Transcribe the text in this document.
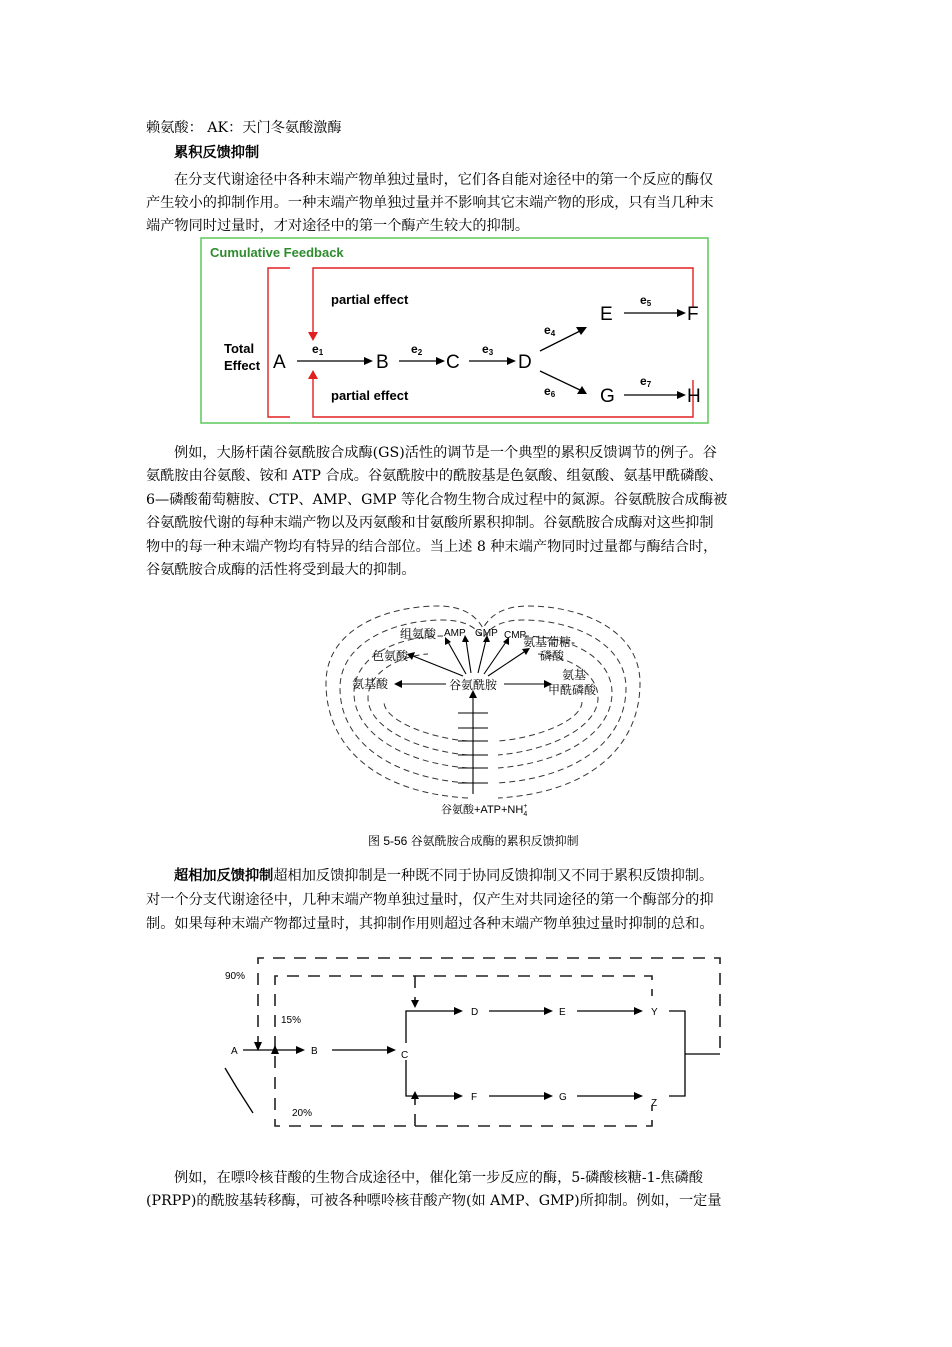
赖氨酸： AK：天门冬氨酸激酶
累积反馈抑制
在分支代谢途径中各种末端产物单独过量时，它们各自能对途径中的第一个反应的酶仅
产生较小的抑制作用。一种末端产物单独过量并不影响其它末端产物的形成，只有当几种末
端产物同时过量时，才对途径中的第一个酶产生较大的抑制。
Cumulative Feedback
partial effect
partial effect
Total
Effect A	B	C	D
E	F
G	H
e1	e2	e3
e4
e5
e6
e7
例如，大肠杆菌谷氨酰胺合成酶(GS)活性的调节是一个典型的累积反馈调节的例子。谷
氨酰胺由谷氨酸、铵和 ATP 合成。谷氨酰胺中的酰胺基是色氨酸、组氨酸、氨基甲酰磷酸、
6—磷酸葡萄糖胺、CTP、AMP、GMP 等化合物生物合成过程中的氮源。谷氨酰胺合成酶被
谷氨酰胺代谢的每种末端产物以及丙氨酸和甘氨酸所累积抑制。谷氨酰胺合成酶对这些抑制
物中的每一种末端产物均有特异的结合部位。当上述 8 种末端产物同时过量都与酶结合时，
谷氨酰胺合成酶的活性将受到最大的抑制。
组氨酸 AMP GMP CMP
氨基葡糖-
磷酸
色氨酸
氨基酸	谷氨酰胺
氨基
甲酰磷酸
谷氨酸$+ATP+NH_4+$
图 5-56 谷氨酰胺合成酶的累积反馈抑制
超相加反馈抑制超相加反馈抑制是一种既不同于协同反馈抑制又不同于累积反馈抑制。
对一个分支代谢途径中，几种末端产物单独过量时，仅产生对共同途径的第一个酶部分的抑
制。如果每种末端产物都过量时，其抑制作用则超过各种末端产物单独过量时抑制的总和。
90%
15%
20%
A	B	C
D	E	Y
F	G
Z
例如，在嘌呤核苷酸的生物合成途径中，催化第一步反应的酶，5-磷酸核糖-1-焦磷酸
(PRPP)的酰胺基转移酶，可被各种嘌呤核苷酸产物(如 AMP、GMP)所抑制。例如，一定量
